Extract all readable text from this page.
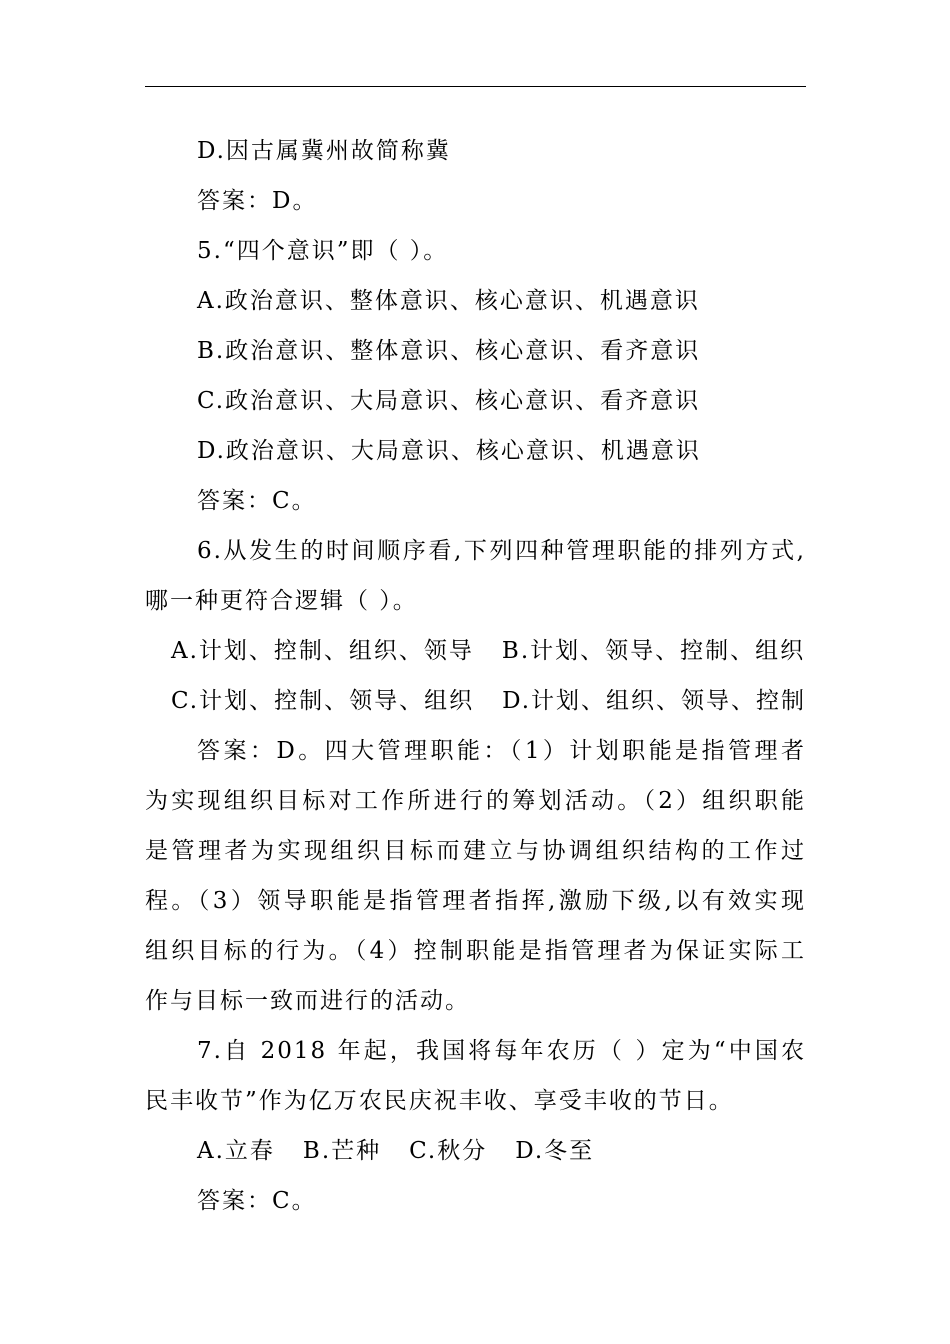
D.因古属冀州故简称冀
答案：D。
5.“四个意识”即（ ）。
A.政治意识、整体意识、核心意识、机遇意识
B.政治意识、整体意识、核心意识、看齐意识
C.政治意识、大局意识、核心意识、看齐意识
D.政治意识、大局意识、核心意识、机遇意识
答案：C。
6.从发生的时间顺序看,下列四种管理职能的排列方式,
哪一种更符合逻辑（ ）。
A.计划、控制、组织、领导 B.计划、领导、控制、组织
C.计划、控制、领导、组织 D.计划、组织、领导、控制
答案：D。四大管理职能：（1）计划职能是指管理者
为实现组织目标对工作所进行的筹划活动。（2）组织职能
是管理者为实现组织目标而建立与协调组织结构的工作过
程。（3）领导职能是指管理者指挥,激励下级,以有效实现
组织目标的行为。（4）控制职能是指管理者为保证实际工
作与目标一致而进行的活动。
7.自 2018 年起，我国将每年农历（ ）定为“中国农
民丰收节”作为亿万农民庆祝丰收、享受丰收的节日。
A.立春 B.芒种 C.秋分 D.冬至
答案：C。
